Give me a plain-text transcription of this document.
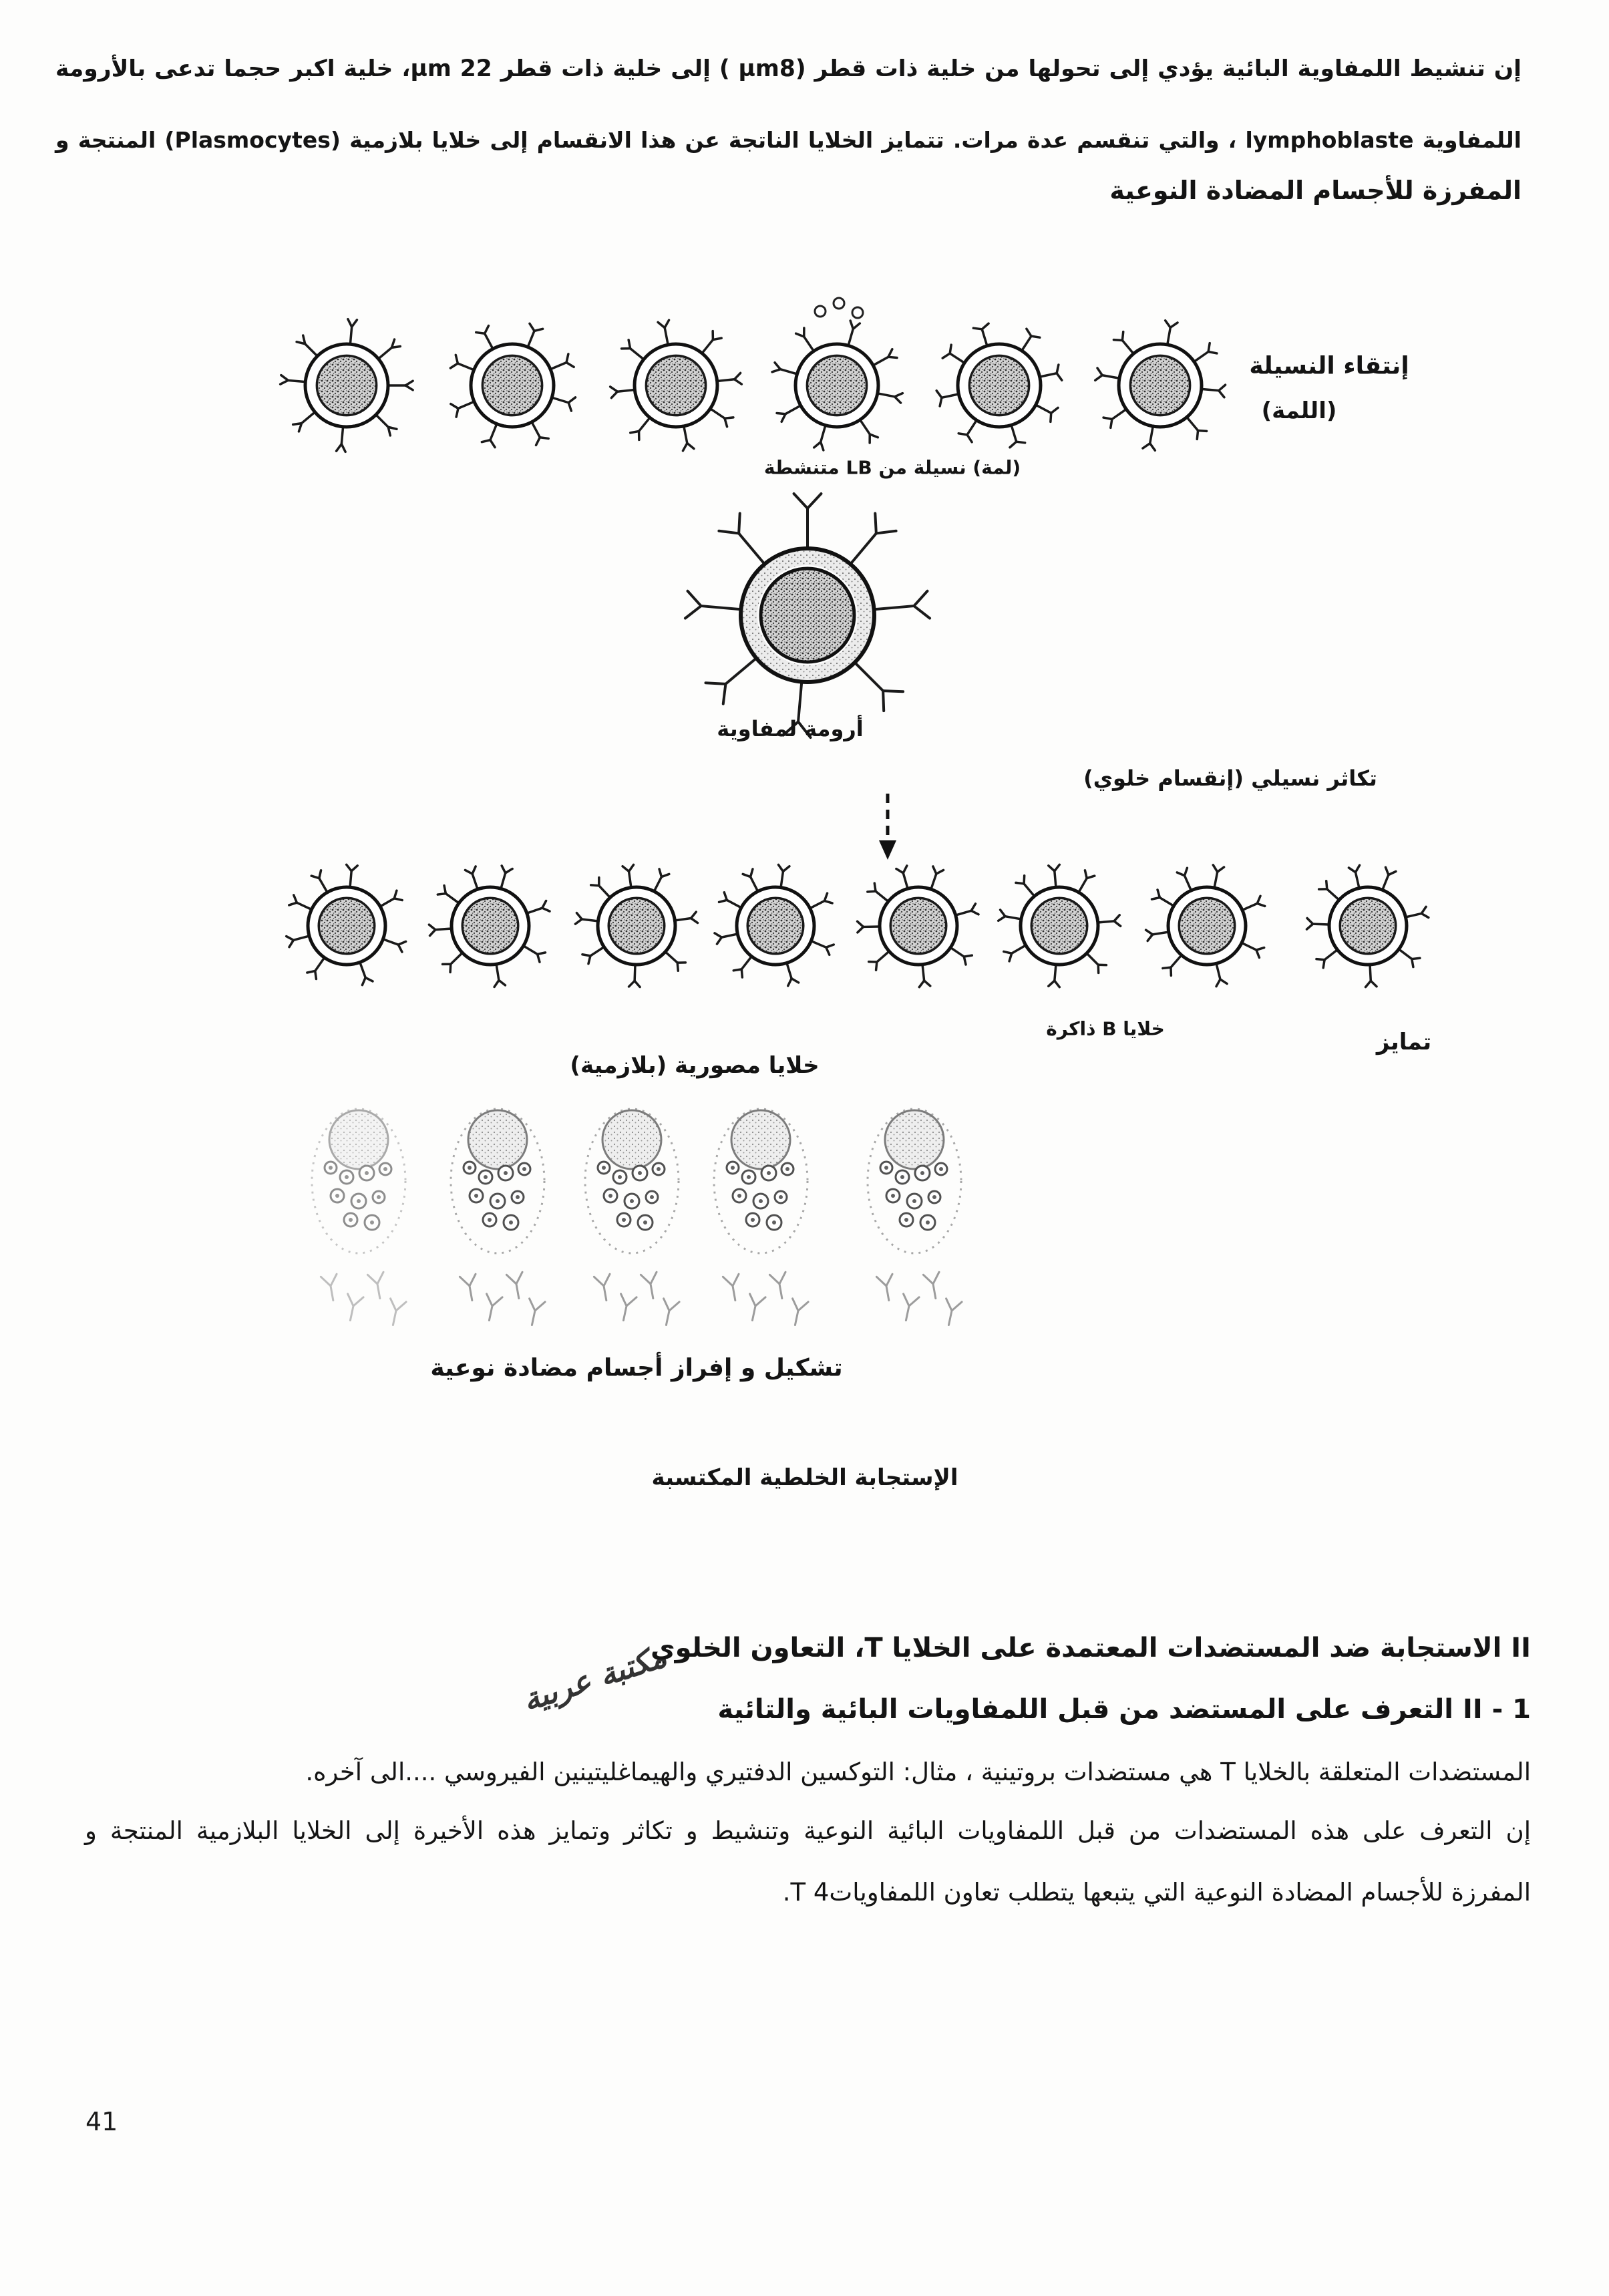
إن تنشيط اللمفاوية البائية يؤدي إلى تحولها من خلية ذات قطر (µm8 ) إلى خلية ذات قطر µm 22، خلية اكبر حجما تدعى بالأرومة
اللمفاوية lymphoblaste ، والتي تنقسم عدة مرات. تتمايز الخلايا الناتجة عن هذا الانقسام إلى خلايا بلازمية (Plasmocytes) المنتجة و
المفرزة للأجسام المضادة النوعية
إنتقاء النسيلة
(اللمة)
(لمة) نسيلة من LB متنشطة
أرومة لمفاوية
تكاثر نسيلي (إنقسام خلوي)
تمايز
خلايا B ذاكرة
خلايا مصورية (بلازمية)
تشكيل و إفراز أجسام مضادة نوعية
الإستجابة الخلطية المكتسبة
مكتبة عربية
II الاستجابة ضد المستضدات المعتمدة على الخلايا T، التعاون الخلوي
II - 1 التعرف على المستضد من قبل اللمفاويات البائية والتائية
المستضدات المتعلقة بالخلايا T هي مستضدات بروتينية ، مثال: التوكسين الدفتيري والهيماغليتينين الفيروسي ....الى آخره.
إن التعرف على هذه المستضدات من قبل اللمفاويات البائية النوعية وتنشيط و تكاثر وتمايز هذه الأخيرة إلى الخلايا البلازمية المنتجة و
المفرزة للأجسام المضادة النوعية التي يتبعها يتطلب تعاون اللمفاويات4 T.
41
